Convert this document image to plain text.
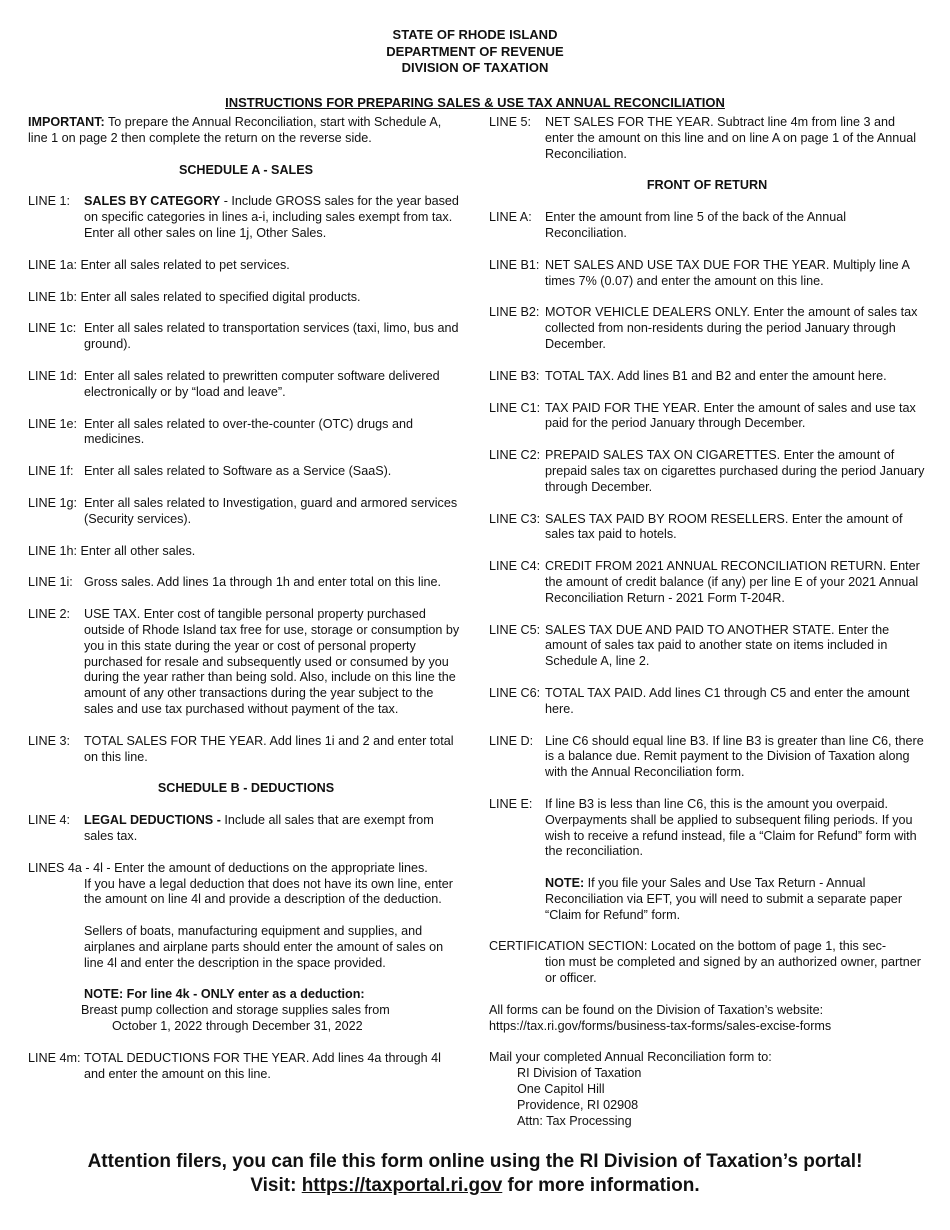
STATE OF RHODE ISLAND
DEPARTMENT OF REVENUE
DIVISION OF TAXATION
INSTRUCTIONS FOR PREPARING SALES & USE TAX ANNUAL RECONCILIATION

IMPORTANT: To prepare the Annual Reconciliation, start with Schedule A, line 1 on page 2 then complete the return on the reverse side.

SCHEDULE A - SALES

LINE 1: SALES BY CATEGORY - Include GROSS sales for the year based on specific categories in lines a-i, including sales exempt from tax. Enter all other sales on line 1j, Other Sales.

LINE 1a: Enter all sales related to pet services.

LINE 1b: Enter all sales related to specified digital products.

LINE 1c: Enter all sales related to transportation services (taxi, limo, bus and ground).
LINE 1d: Enter all sales related to prewritten computer software delivered electronically or by “load and leave”.
LINE 1e: Enter all sales related to over-the-counter (OTC) drugs and medicines.
LINE 1f: Enter all sales related to Software as a Service (SaaS).
LINE 1g: Enter all sales related to Investigation, guard and armored services (Security services).

LINE 1h: Enter all other sales.

LINE 1i: Gross sales. Add lines 1a through 1h and enter total on this line.
LINE 2: USE TAX. Enter cost of tangible personal property purchased outside of Rhode Island tax free for use, storage or consumption by you in this state during the year or cost of personal property purchased for resale and subsequently used or consumed by you during the year rather than being sold. Also, include on this line the amount of any other transactions during the year subject to the sales and use tax purchased without payment of the tax.
LINE 3: TOTAL SALES FOR THE YEAR. Add lines 1i and 2 and enter total on this line.

SCHEDULE B - DEDUCTIONS

LINE 4: LEGAL DEDUCTIONS - Include all sales that are exempt from sales tax.
LINES 4a - 4l - Enter the amount of deductions on the appropriate lines.
If you have a legal deduction that does not have its own line, enter the amount on line 4l and provide a description of the deduction.
Sellers of boats, manufacturing equipment and supplies, and airplanes and airplane parts should enter the amount of sales on line 4l and enter the description in the space provided.
NOTE: For line 4k - ONLY enter as a deduction:
Breast pump collection and storage supplies sales from
October 1, 2022 through December 31, 2022
LINE 4m: TOTAL DEDUCTIONS FOR THE YEAR. Add lines 4a through 4l and enter the amount on this line.
LINE 5: NET SALES FOR THE YEAR. Subtract line 4m from line 3 and enter the amount on this line and on line A on page 1 of the Annual Reconciliation.

FRONT OF RETURN

LINE A: Enter the amount from line 5 of the back of the Annual Reconciliation.
LINE B1: NET SALES AND USE TAX DUE FOR THE YEAR. Multiply line A times 7% (0.07) and enter the amount on this line.
LINE B2: MOTOR VEHICLE DEALERS ONLY. Enter the amount of sales tax collected from non-residents during the period January through December.
LINE B3: TOTAL TAX. Add lines B1 and B2 and enter the amount here.
LINE C1: TAX PAID FOR THE YEAR. Enter the amount of sales and use tax paid for the period January through December.
LINE C2: PREPAID SALES TAX ON CIGARETTES. Enter the amount of prepaid sales tax on cigarettes purchased during the period January through December.
LINE C3: SALES TAX PAID BY ROOM RESELLERS. Enter the amount of sales tax paid to hotels.
LINE C4: CREDIT FROM 2021 ANNUAL RECONCILIATION RETURN. Enter the amount of credit balance (if any) per line E of your 2021 Annual Reconciliation Return - 2021 Form T-204R.
LINE C5: SALES TAX DUE AND PAID TO ANOTHER STATE. Enter the amount of sales tax paid to another state on items included in Schedule A, line 2.
LINE C6: TOTAL TAX PAID. Add lines C1 through C5 and enter the amount here.
LINE D: Line C6 should equal line B3. If line B3 is greater than line C6, there is a balance due. Remit payment to the Division of Taxation along with the Annual Reconciliation form.
LINE E: If line B3 is less than line C6, this is the amount you overpaid. Overpayments shall be applied to subsequent filing periods. If you wish to receive a refund instead, file a “Claim for Refund” form with the reconciliation.
NOTE: If you file your Sales and Use Tax Return - Annual Reconciliation via EFT, you will need to submit a separate paper “Claim for Refund” form.
CERTIFICATION SECTION: Located on the bottom of page 1, this sec-
tion must be completed and signed by an authorized owner, partner or officer.
All forms can be found on the Division of Taxation’s website:
https://tax.ri.gov/forms/business-tax-forms/sales-excise-forms
Mail your completed Annual Reconciliation form to:
RI Division of Taxation
One Capitol Hill
Providence, RI 02908
Attn: Tax Processing
Attention filers, you can file this form online using the RI Division of Taxation’s portal!
Visit: https://taxportal.ri.gov for more information.
